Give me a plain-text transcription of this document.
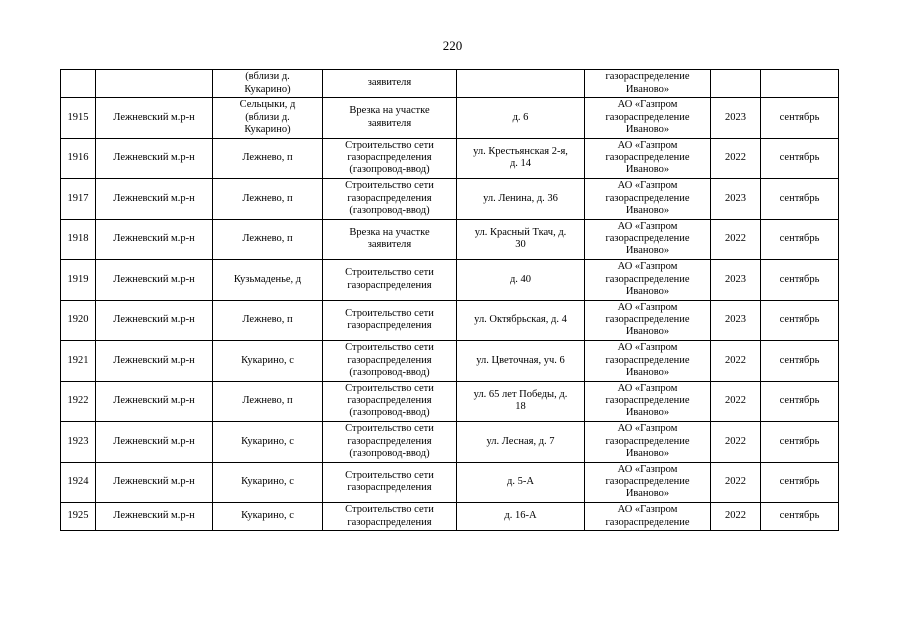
220
		(вблизи д.
Кукарино)	заявителя		газораспределение
Иваново»		
1915	Лежневский м.р-н	Сельцыки, д
(вблизи д.
Кукарино)	Врезка на участке
заявителя	д. 6	АО «Газпром
газораспределение
Иваново»	2023	сентябрь
1916	Лежневский м.р-н	Лежнево, п	Строительство сети
газораспределения
(газопровод-ввод)	ул. Крестьянская 2-я,
д. 14	АО «Газпром
газораспределение
Иваново»	2022	сентябрь
1917	Лежневский м.р-н	Лежнево, п	Строительство сети
газораспределения
(газопровод-ввод)	ул. Ленина, д. 36	АО «Газпром
газораспределение
Иваново»	2023	сентябрь
1918	Лежневский м.р-н	Лежнево, п	Врезка на участке
заявителя	ул. Красный Ткач, д.
30	АО «Газпром
газораспределение
Иваново»	2022	сентябрь
1919	Лежневский м.р-н	Кузьмаденье, д	Строительство сети
газораспределения	д. 40	АО «Газпром
газораспределение
Иваново»	2023	сентябрь
1920	Лежневский м.р-н	Лежнево, п	Строительство сети
газораспределения	ул. Октябрьская, д. 4	АО «Газпром
газораспределение
Иваново»	2023	сентябрь
1921	Лежневский м.р-н	Кукарино, с	Строительство сети
газораспределения
(газопровод-ввод)	ул. Цветочная, уч. 6	АО «Газпром
газораспределение
Иваново»	2022	сентябрь
1922	Лежневский м.р-н	Лежнево, п	Строительство сети
газораспределения
(газопровод-ввод)	ул. 65 лет Победы, д.
18	АО «Газпром
газораспределение
Иваново»	2022	сентябрь
1923	Лежневский м.р-н	Кукарино, с	Строительство сети
газораспределения
(газопровод-ввод)	ул. Лесная, д. 7	АО «Газпром
газораспределение
Иваново»	2022	сентябрь
1924	Лежневский м.р-н	Кукарино, с	Строительство сети
газораспределения	д. 5-А	АО «Газпром
газораспределение
Иваново»	2022	сентябрь
1925	Лежневский м.р-н	Кукарино, с	Строительство сети
газораспределения	д. 16-А	АО «Газпром
газораспределение	2022	сентябрь
